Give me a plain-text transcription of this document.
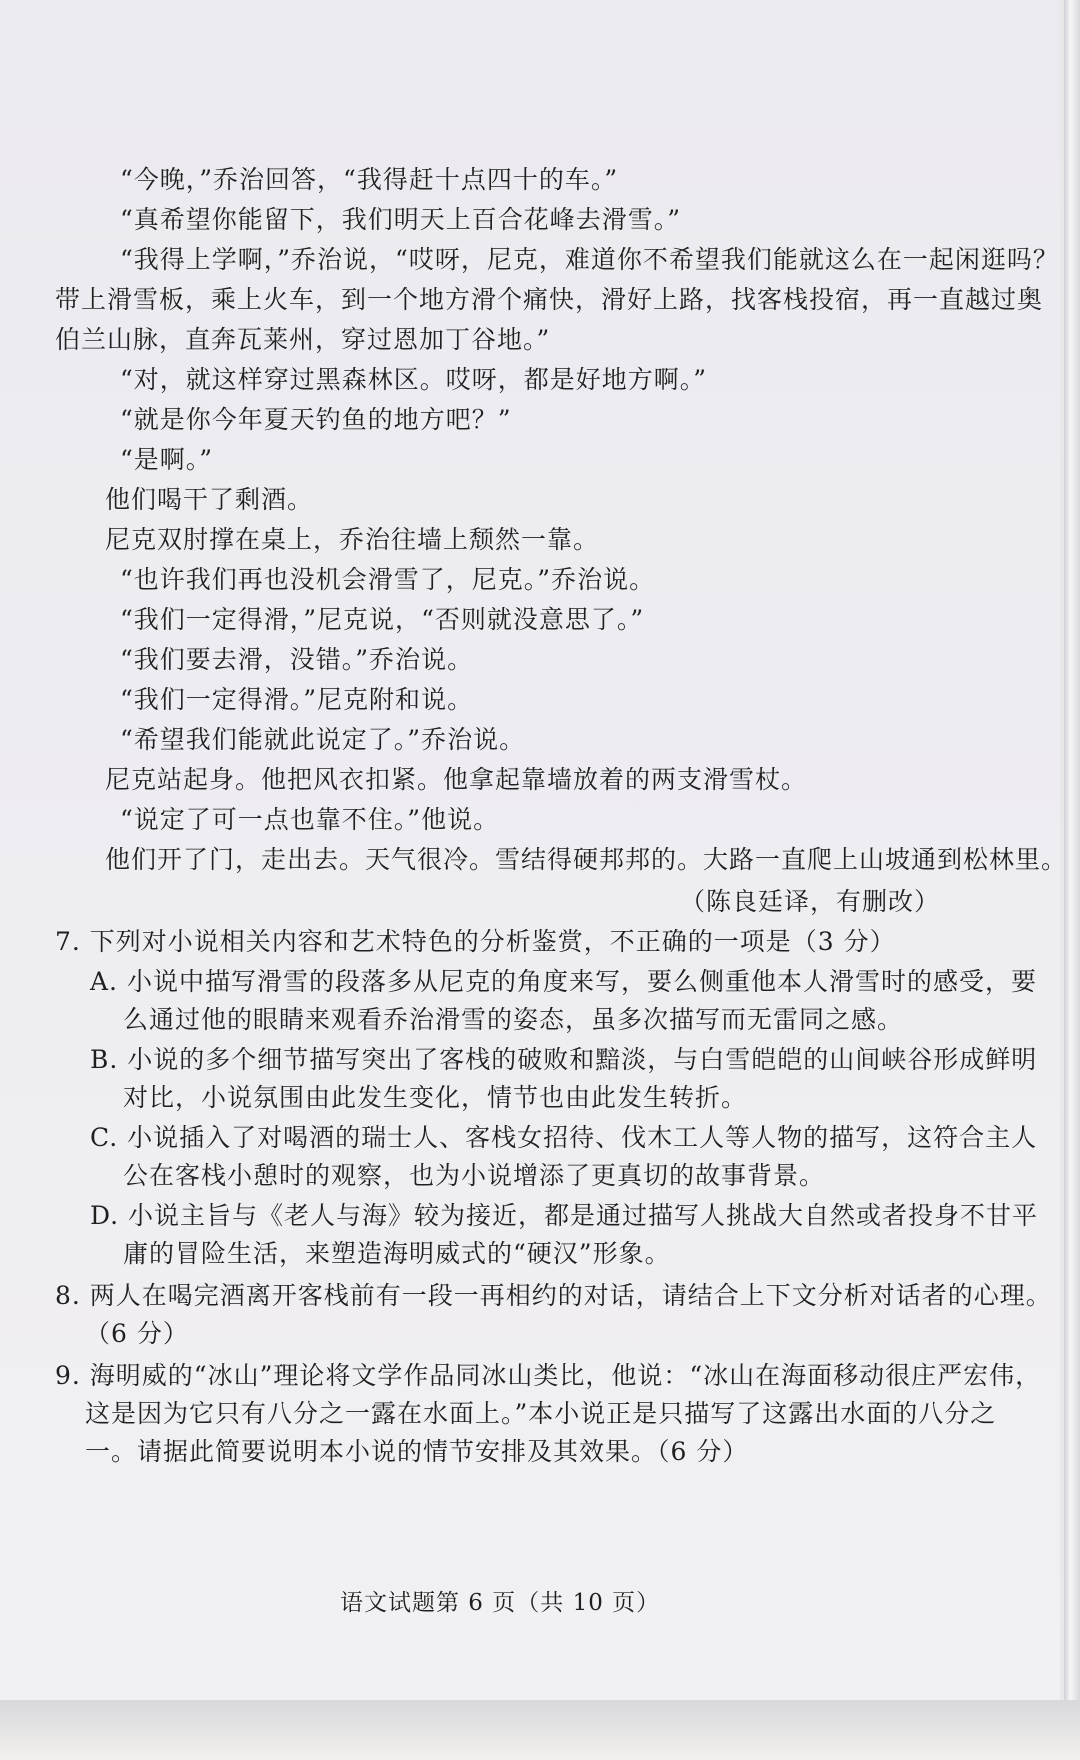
“今晚，”乔治回答，“我得赶十点四十的车。”
“真希望你能留下，我们明天上百合花峰去滑雪。”
“我得上学啊，”乔治说，“哎呀，尼克，难道你不希望我们能就这么在一起闲逛吗？
带上滑雪板，乘上火车，到一个地方滑个痛快，滑好上路，找客栈投宿，再一直越过奥
伯兰山脉，直奔瓦莱州，穿过恩加丁谷地。”
“对，就这样穿过黑森林区。哎呀，都是好地方啊。”
“就是你今年夏天钓鱼的地方吧？”
“是啊。”
他们喝干了剩酒。
尼克双肘撑在桌上，乔治往墙上颓然一靠。
“也许我们再也没机会滑雪了，尼克。”乔治说。
“我们一定得滑，”尼克说，“否则就没意思了。”
“我们要去滑，没错。”乔治说。
“我们一定得滑。”尼克附和说。
“希望我们能就此说定了。”乔治说。
尼克站起身。他把风衣扣紧。他拿起靠墙放着的两支滑雪杖。
“说定了可一点也靠不住。”他说。
他们开了门，走出去。天气很冷。雪结得硬邦邦的。大路一直爬上山坡通到松林里。
（陈良廷译，有删改）
7. 下列对小说相关内容和艺术特色的分析鉴赏，不正确的一项是（3 分）
A. 小说中描写滑雪的段落多从尼克的角度来写，要么侧重他本人滑雪时的感受，要
么通过他的眼睛来观看乔治滑雪的姿态，虽多次描写而无雷同之感。
B. 小说的多个细节描写突出了客栈的破败和黯淡，与白雪皑皑的山间峡谷形成鲜明
对比，小说氛围由此发生变化，情节也由此发生转折。
C. 小说插入了对喝酒的瑞士人、客栈女招待、伐木工人等人物的描写，这符合主人
公在客栈小憩时的观察，也为小说增添了更真切的故事背景。
D. 小说主旨与《老人与海》较为接近，都是通过描写人挑战大自然或者投身不甘平
庸的冒险生活，来塑造海明威式的“硬汉”形象。
8. 两人在喝完酒离开客栈前有一段一再相约的对话，请结合上下文分析对话者的心理。
（6 分）
9. 海明威的“冰山”理论将文学作品同冰山类比，他说：“冰山在海面移动很庄严宏伟，
这是因为它只有八分之一露在水面上。”本小说正是只描写了这露出水面的八分之
一。请据此简要说明本小说的情节安排及其效果。（6 分）
语文试题第 6 页（共 10 页）
